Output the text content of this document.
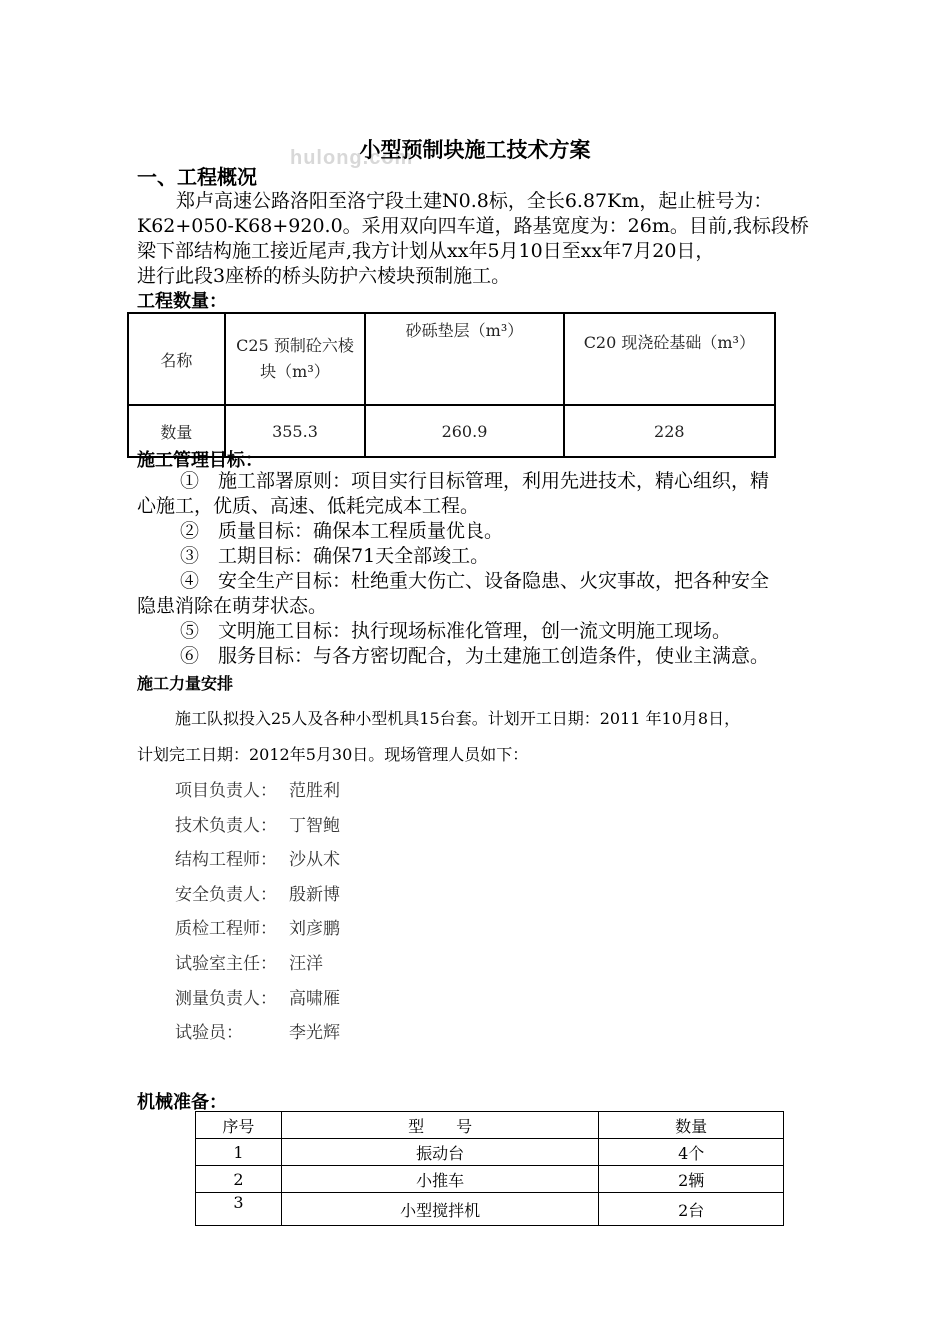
hulong.com
小型预制块施工技术方案
一、工程概况
郑卢高速公路洛阳至洛宁段土建N0.8标，全长6.87Km，起止桩号为：
K62+050-K68+920.0。采用双向四车道，路基宽度为：26m。目前,我标段桥
梁下部结构施工接近尾声,我方计划从xx年5月10日至xx年7月20日，
进行此段3座桥的桥头防护六棱块预制施工。
工程数量：
名称	C25 预制砼六棱块（m³）	砂砾垫层（m³）	C20 现浇砼基础（m³）
数量	355.3	260.9	228
施工管理目标：
①　施工部署原则：项目实行目标管理，利用先进技术，精心组织，精
心施工，优质、高速、低耗完成本工程。
②　质量目标：确保本工程质量优良。
③　工期目标：确保71天全部竣工。
④　安全生产目标：杜绝重大伤亡、设备隐患、火灾事故，把各种安全
隐患消除在萌芽状态。
⑤　文明施工目标：执行现场标准化管理，创一流文明施工现场。
⑥　服务目标：与各方密切配合，为土建施工创造条件，使业主满意。
施工力量安排
施工队拟投入25人及各种小型机具15台套。计划开工日期：2011 年10月8日，
计划完工日期：2012年5月30日。现场管理人员如下：
项目负责人： 范胜利
技术负责人： 丁智鲍
结构工程师： 沙从术
安全负责人： 殷新博
质检工程师： 刘彦鹏
试验室主任： 汪洋
测量负责人： 高啸雁
试验员：	李光辉
机械准备：
序号	型　　号	数量
1	振动台	4个
2	小推车	2辆
3	小型搅拌机	2台
